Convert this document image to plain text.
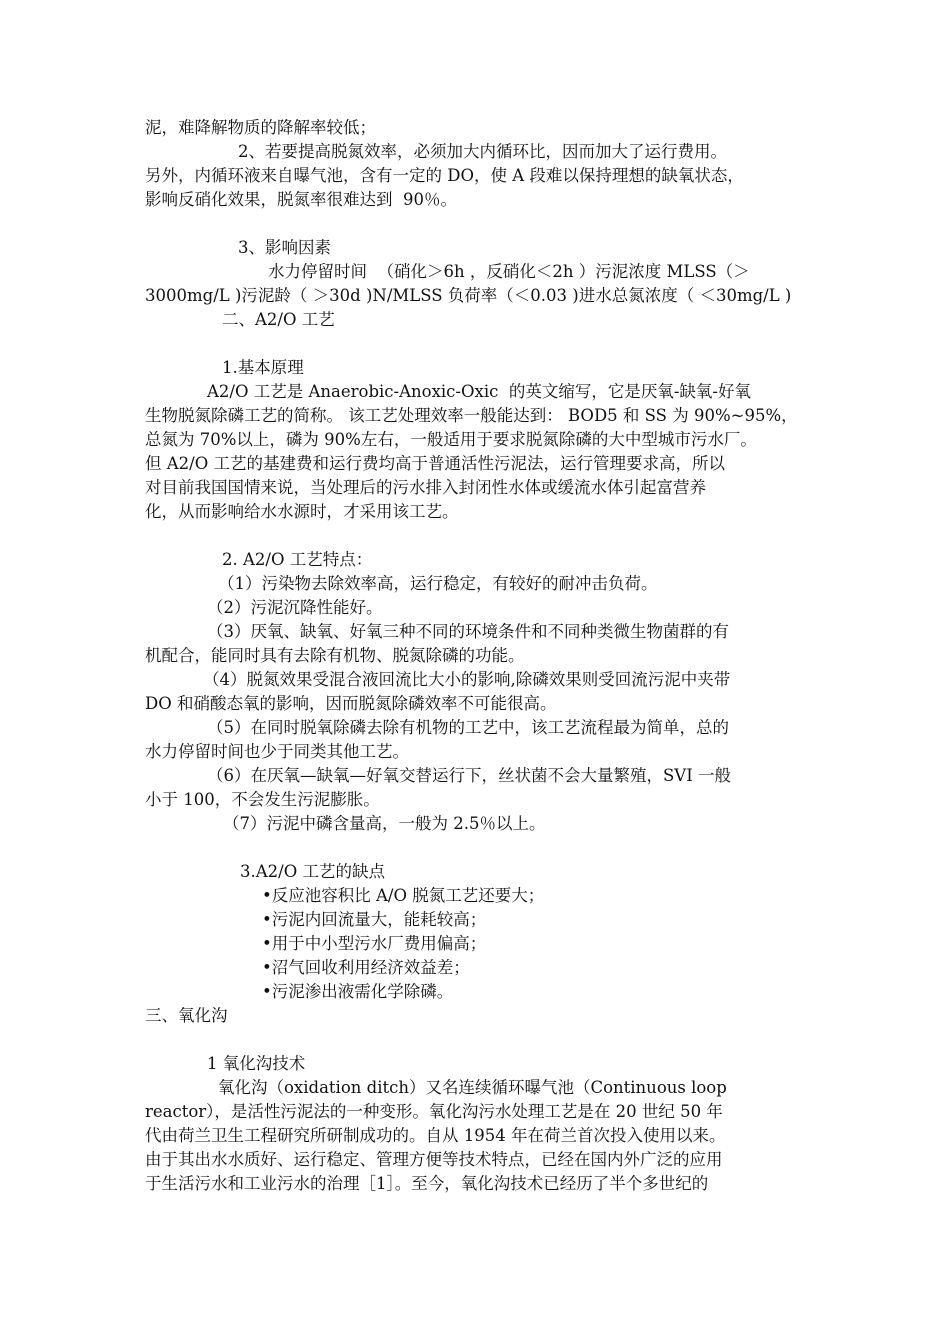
泥，难降解物质的降解率较低；
2、若要提高脱氮效率，必须加大内循环比，因而加大了运行费用。
另外，内循环液来自曝气池，含有一定的 DO，使 A 段难以保持理想的缺氧状态，
影响反硝化效果，脱氮率很难达到  90％。
3、影响因素
水力停留时间  （硝化＞6h ，反硝化＜2h ）污泥浓度 MLSS（＞
3000mg/L )污泥龄（ ＞30d )N/MLSS 负荷率（＜0.03 )进水总氮浓度（ ＜30mg/L )
二、A2/O 工艺
1.基本原理
A2/O 工艺是 Anaerobic-Anoxic-Oxic  的英文缩写，它是厌氧-缺氧-好氧
生物脱氮除磷工艺的简称。 该工艺处理效率一般能达到： BOD5 和 SS 为 90%~95%，
总氮为 70%以上，磷为 90%左右，一般适用于要求脱氮除磷的大中型城市污水厂。
但 A2/O 工艺的基建费和运行费均高于普通活性污泥法，运行管理要求高，所以
对目前我国国情来说，当处理后的污水排入封闭性水体或缓流水体引起富营养
化，从而影响给水水源时，才采用该工艺。
2. A2/O 工艺特点：
（1）污染物去除效率高，运行稳定，有较好的耐冲击负荷。
（2）污泥沉降性能好。
（3）厌氧、缺氧、好氧三种不同的环境条件和不同种类微生物菌群的有
机配合，能同时具有去除有机物、脱氮除磷的功能。
（4）脱氮效果受混合液回流比大小的影响,除磷效果则受回流污泥中夹带
DO 和硝酸态氧的影响，因而脱氮除磷效率不可能很高。
（5）在同时脱氧除磷去除有机物的工艺中，该工艺流程最为简单，总的
水力停留时间也少于同类其他工艺。
（6）在厌氧—缺氧—好氧交替运行下，丝状菌不会大量繁殖，SVI 一般
小于 100，不会发生污泥膨胀。
（7）污泥中磷含量高，一般为 2.5％以上。
3.A2/O 工艺的缺点
•反应池容积比 A/O 脱氮工艺还要大；
•污泥内回流量大，能耗较高；
•用于中小型污水厂费用偏高；
•沼气回收利用经济效益差；
•污泥渗出液需化学除磷。
三、氧化沟
1 氧化沟技术
氧化沟（oxidation ditch）又名连续循环曝气池（Continuous loop
reactor），是活性污泥法的一种变形。氧化沟污水处理工艺是在 20 世纪 50 年
代由荷兰卫生工程研究所研制成功的。自从 1954 年在荷兰首次投入使用以来。
由于其出水水质好、运行稳定、管理方便等技术特点，已经在国内外广泛的应用
于生活污水和工业污水的治理［1］。至今，氧化沟技术已经历了半个多世纪的
